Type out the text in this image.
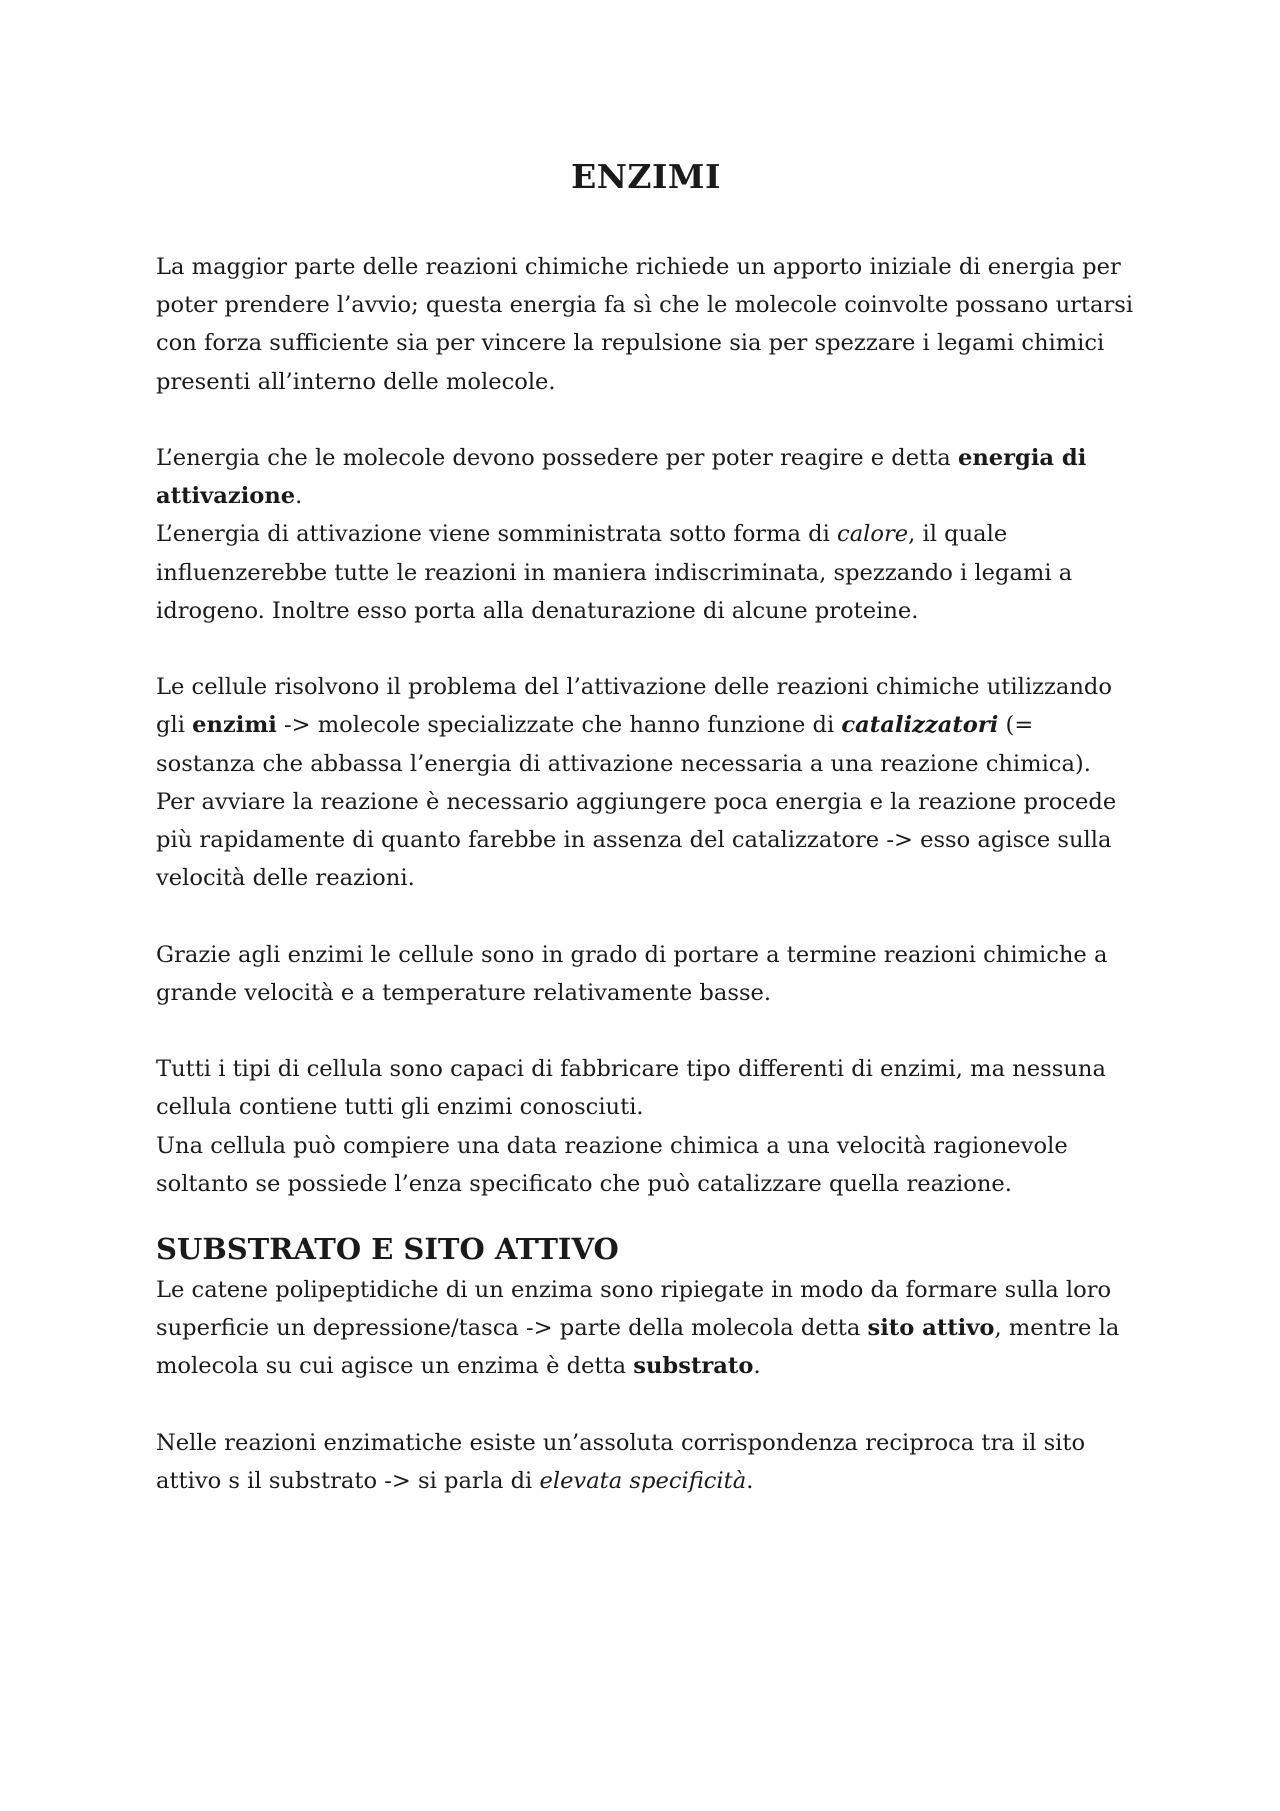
ENZIMI

La maggior parte delle reazioni chimiche richiede un apporto iniziale di energia per poter prendere l’avvio; questa energia fa sì che le molecole coinvolte possano urtarsi con forza sufficiente sia per vincere la repulsione sia per spezzare i legami chimici presenti all’interno delle molecole.

L’energia che le molecole devono possedere per poter reagire e detta energia di attivazione.

L’energia di attivazione viene somministrata sotto forma di calore, il quale influenzerebbe tutte le reazioni in maniera indiscriminata, spezzando i legami a idrogeno. Inoltre esso porta alla denaturazione di alcune proteine.

Le cellule risolvono il problema del l’attivazione delle reazioni chimiche utilizzando gli enzimi -> molecole specializzate che hanno funzione di catalizzatori (= sostanza che abbassa l’energia di attivazione necessaria a una reazione chimica).

Per avviare la reazione è necessario aggiungere poca energia e la reazione procede più rapidamente di quanto farebbe in assenza del catalizzatore -> esso agisce sulla velocità delle reazioni.

Grazie agli enzimi le cellule sono in grado di portare a termine reazioni chimiche a grande velocità e a temperature relativamente basse.

Tutti i tipi di cellula sono capaci di fabbricare tipo differenti di enzimi, ma nessuna cellula contiene tutti gli enzimi conosciuti.

Una cellula può compiere una data reazione chimica a una velocità ragionevole soltanto se possiede l’enza specificato che può catalizzare quella reazione.

SUBSTRATO E SITO ATTIVO

Le catene polipeptidiche di un enzima sono ripiegate in modo da formare sulla loro superficie un depressione/tasca -> parte della molecola detta sito attivo, mentre la molecola su cui agisce un enzima è detta substrato.

Nelle reazioni enzimatiche esiste un’assoluta corrispondenza reciproca tra il sito attivo s il substrato -> si parla di elevata specificità.
